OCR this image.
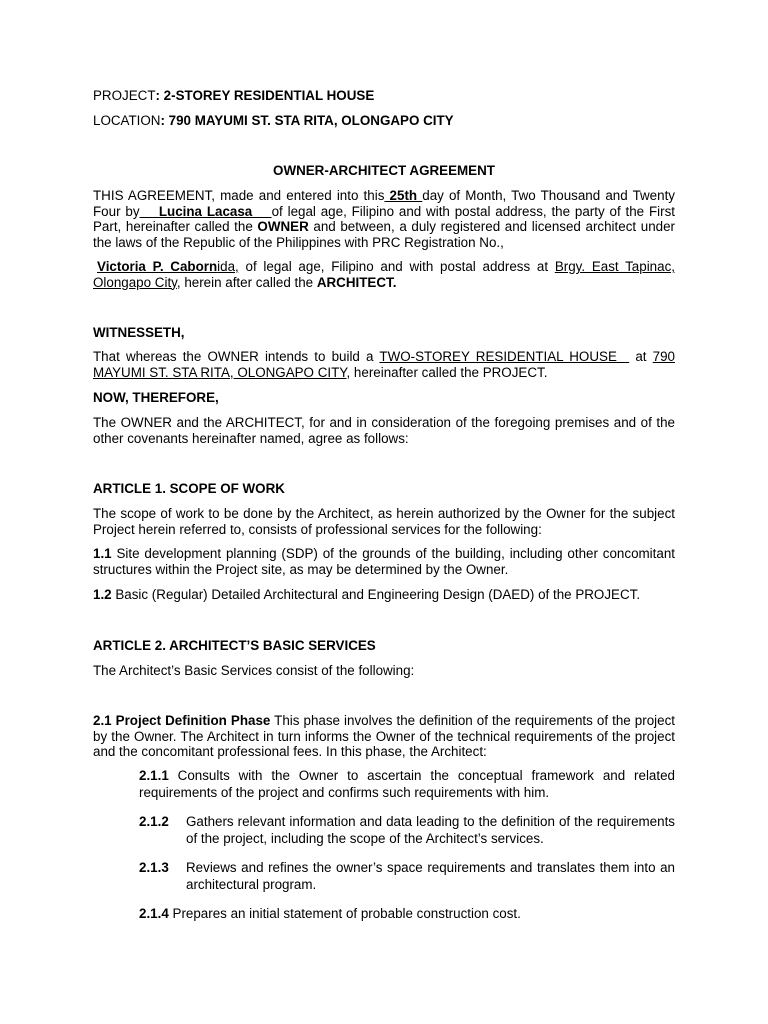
PROJECT: 2-STOREY RESIDENTIAL HOUSE
LOCATION: 790 MAYUMI ST. STA RITA, OLONGAPO CITY
OWNER-ARCHITECT AGREEMENT
THIS AGREEMENT, made and entered into this 25th day of Month, Two Thousand and Twenty Four by    Lucina Lacasa    of legal age, Filipino and with postal address, the party of the First Part, hereinafter called the OWNER and between, a duly registered and licensed architect under the laws of the Republic of the Philippines with PRC Registration No.,
Victoria P. Cabornida, of legal age, Filipino and with postal address at Brgy. East Tapinac, Olongapo City, herein after called the ARCHITECT.
WITNESSETH,
That whereas the OWNER intends to build a TWO-STOREY RESIDENTIAL HOUSE   at 790 MAYUMI ST. STA RITA, OLONGAPO CITY, hereinafter called the PROJECT.
NOW, THEREFORE,
The OWNER and the ARCHITECT, for and in consideration of the foregoing premises and of the other covenants hereinafter named, agree as follows:
ARTICLE 1. SCOPE OF WORK
The scope of work to be done by the Architect, as herein authorized by the Owner for the subject Project herein referred to, consists of professional services for the following:
1.1 Site development planning (SDP) of the grounds of the building, including other concomitant structures within the Project site, as may be determined by the Owner.
1.2 Basic (Regular) Detailed Architectural and Engineering Design (DAED) of the PROJECT.
ARTICLE 2. ARCHITECT’S BASIC SERVICES
The Architect’s Basic Services consist of the following:
2.1 Project Definition Phase This phase involves the definition of the requirements of the project by the Owner. The Architect in turn informs the Owner of the technical requirements of the project and the concomitant professional fees. In this phase, the Architect:
2.1.1 Consults with the Owner to ascertain the conceptual framework and related requirements of the project and confirms such requirements with him.
2.1.2	Gathers relevant information and data leading to the definition of the requirements of the project, including the scope of the Architect’s services.
2.1.3	Reviews and refines the owner’s space requirements and translates them into an architectural program.
2.1.4 Prepares an initial statement of probable construction cost.
